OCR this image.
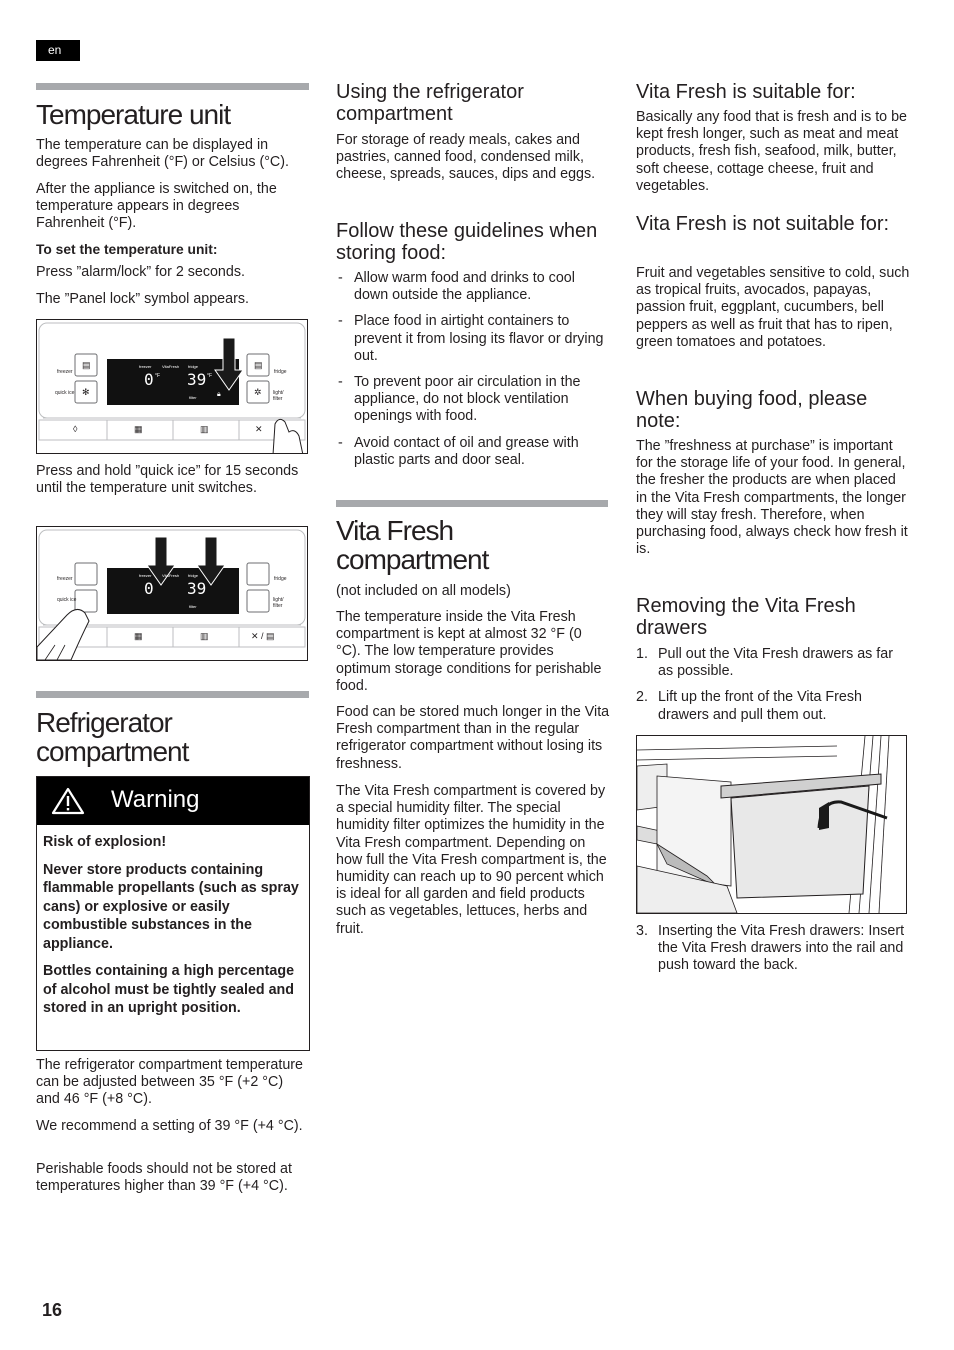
en
Temperature unit

The temperature can be displayed in degrees Fahrenheit (°F) or Celsius (°C).

After the appliance is switched on, the temperature appears in degrees Fahrenheit (°F).

To set the temperature unit:

Press ”alarm/lock” for 2 seconds.

The ”Panel lock” symbol appears.

freezer
quick ice
fridge
light/ filter
▤
✻
▤
✲
freezer	VitaFresh fridge
0 °F 39 °F
filter	🔒︎
◊	▦	▥	✕

Press and hold ”quick ice” for 15 seconds until the temperature unit switches.

freezer
quick ice
fridge
light/ filter
freezer	VitaFresh fridge
0 39
filter
▦	▥	✕ / ▤
Refrigerator compartment
Warning

Risk of explosion!

Never store products containing flammable propellants (such as spray cans) or explosive or easily combustible substances in the appliance.

Bottles containing a high percentage of alcohol must be tightly sealed and stored in an upright position.

The refrigerator compartment temperature can be adjusted between 35 °F (+2 °C) and 46 °F (+8 °C).

We recommend a setting of 39 °F (+4 °C).

Perishable foods should not be stored at temperatures higher than 39 °F (+4 °C).

Using the refrigerator compartment

For storage of ready meals, cakes and pastries, canned food, condensed milk, cheese, spreads, sauces, dips and eggs.

Follow these guidelines when storing food:
- Allow warm food and drinks to cool down outside the appliance.
- Place food in airtight containers to prevent it from losing its flavor or drying out.
- To prevent poor air circulation in the appliance, do not block ventilation openings with food.
- Avoid contact of oil and grease with plastic parts and door seal.
Vita Fresh compartment

(not included on all models)

The temperature inside the Vita Fresh compartment is kept at almost 32 °F (0 °C). The low temperature provides optimum storage conditions for perishable food.

Food can be stored much longer in the Vita Fresh compartment than in the regular refrigerator compartment without losing its freshness.

The Vita Fresh compartment is covered by a special humidity filter. The special humidity filter optimizes the humidity in the Vita Fresh compartment. Depending on how full the Vita Fresh compartment is, the humidity can reach up to 90 percent which is ideal for all garden and field products such as vegetables, lettuces, herbs and fruit.

Vita Fresh is suitable for:

Basically any food that is fresh and is to be kept fresh longer, such as meat and meat products, fresh fish, seafood, milk, butter, soft cheese, cottage cheese, fruit and vegetables.

Vita Fresh is not suitable for:

Fruit and vegetables sensitive to cold, such as tropical fruits, avocados, papayas, passion fruit, eggplant, cucumbers, bell peppers as well as fruit that has to ripen, green tomatoes and potatoes.

When buying food, please note:

The ”freshness at purchase” is important for the storage life of your food. In general, the fresher the products are when placed in the Vita Fresh compartments, the longer they will stay fresh. Therefore, when purchasing food, always check how fresh it is.

Removing the Vita Fresh drawers
1. Pull out the Vita Fresh drawers as far as possible.
2. Lift up the front of the Vita Fresh drawers and pull them out.
3. Inserting the Vita Fresh drawers: Insert the Vita Fresh drawers into the rail and push toward the back.
16
